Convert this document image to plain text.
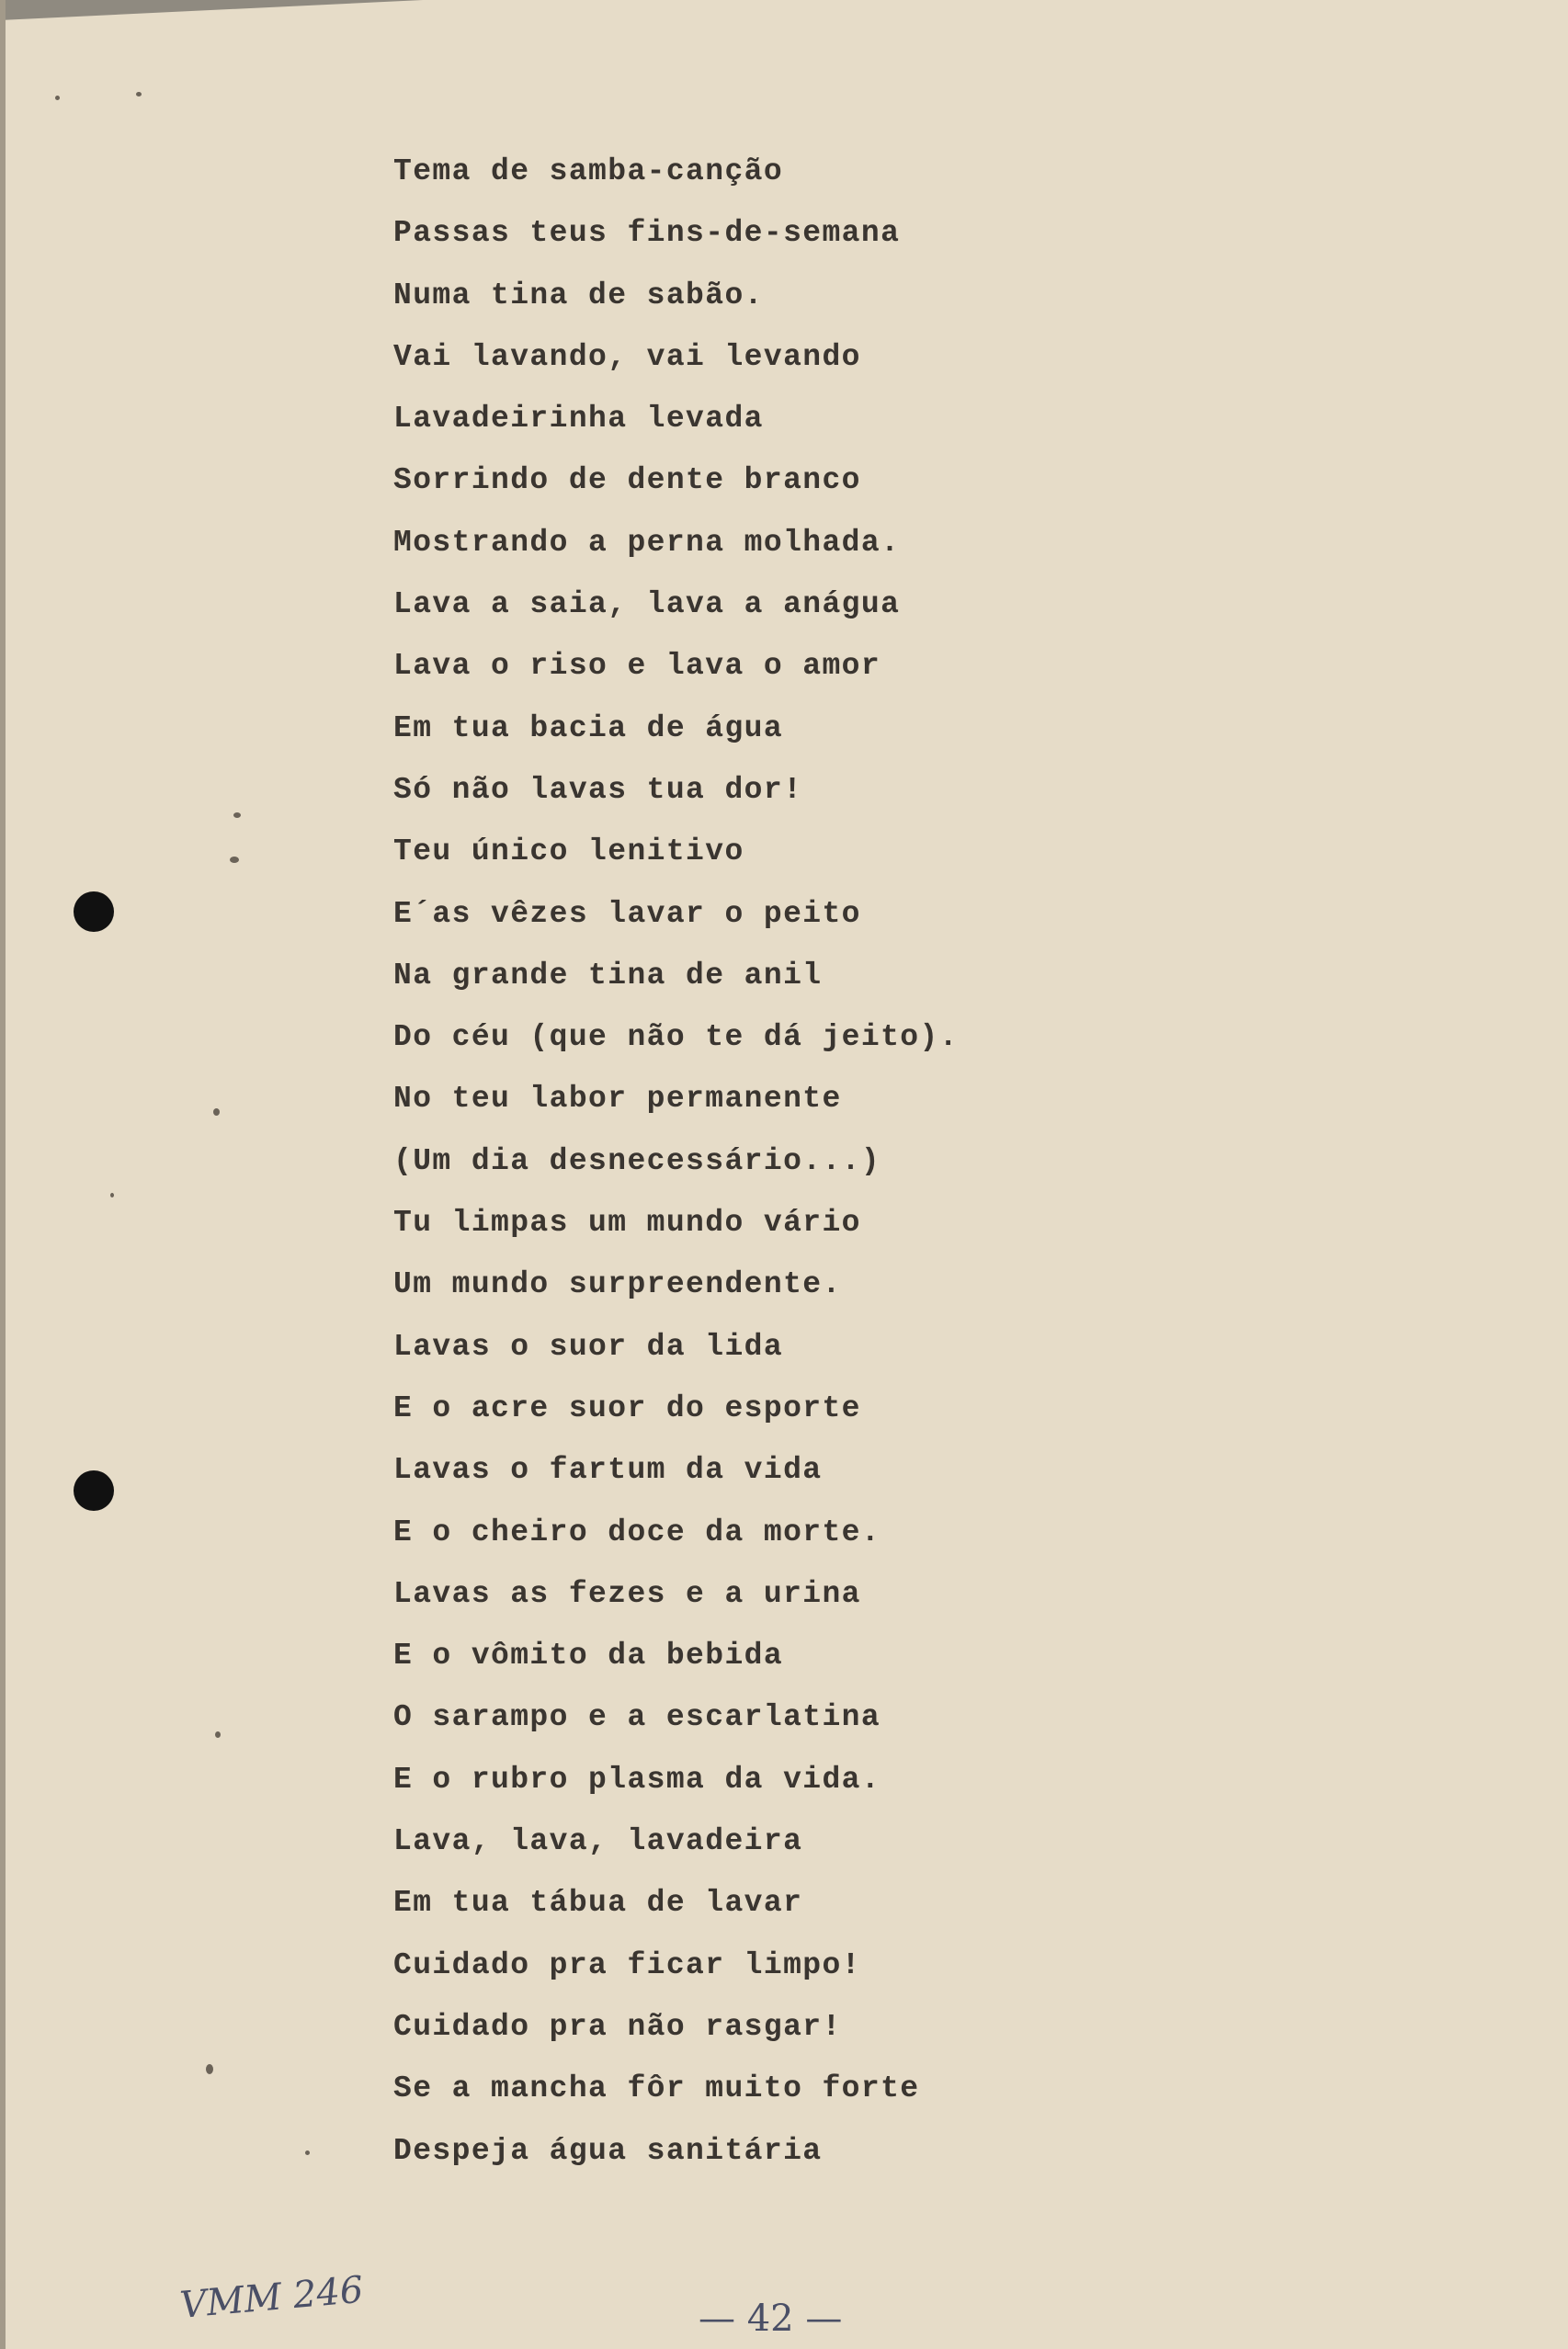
Tema de samba-canção
Passas teus fins-de-semana
Numa tina de sabão.
Vai lavando, vai levando
Lavadeirinha levada
Sorrindo de dente branco
Mostrando a perna molhada.
Lava a saia, lava a anágua
Lava o riso e lava o amor
Em tua bacia de água
Só não lavas tua dor!
Teu único lenitivo
E´as vêzes lavar o peito
Na grande tina de anil
Do céu (que não te dá jeito).
No teu labor permanente
(Um dia desnecessário...)
Tu limpas um mundo vário
Um mundo surpreendente.
Lavas o suor da lida
E o acre suor do esporte
Lavas o fartum da vida
E o cheiro doce da morte.
Lavas as fezes e a urina
E o vômito da bebida
O sarampo e a escarlatina
E o rubro plasma da vida.
Lava, lava, lavadeira
Em tua tábua de lavar
Cuidado pra ficar limpo!
Cuidado pra não rasgar!
Se a mancha fôr muito forte
Despeja água sanitária
VMM 246	— 42 —
